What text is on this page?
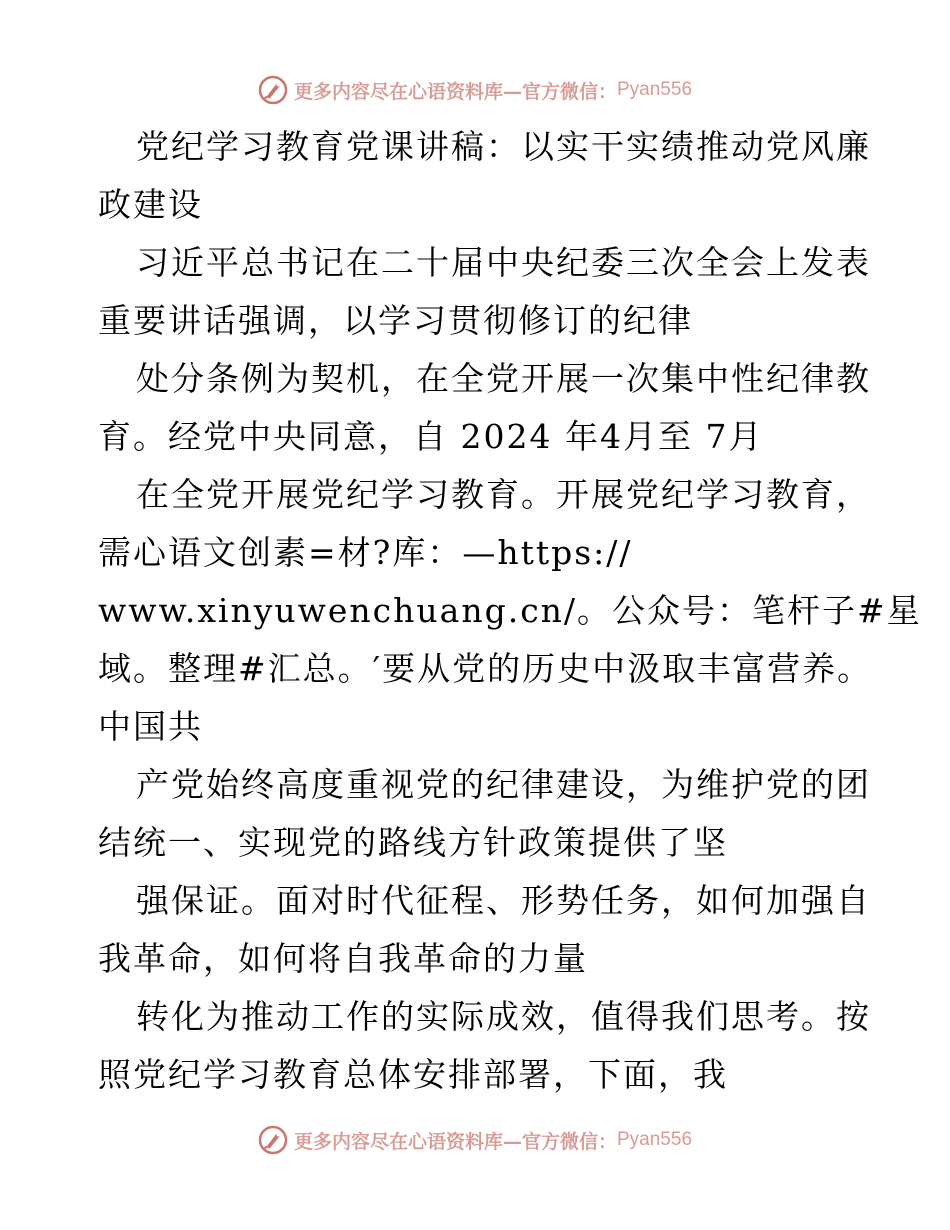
更多内容尽在心语资料库—官方微信： Pyan556
党纪学习教育党课讲稿：以实干实绩推动党风廉
政建设
习近平总书记在二十届中央纪委三次全会上发表
重要讲话强调，以学习贯彻修订的纪律
处分条例为契机，在全党开展一次集中性纪律教
育。经党中央同意，自 2024 年4月至 7月
在全党开展党纪学习教育。开展党纪学习教育，
需心语文创素=材?库：—https://
www.xinyuwenchuang.cn/。公众号：笔杆子#星
域。整理#汇总。′要从党的历史中汲取丰富营养。
中国共
产党始终高度重视党的纪律建设，为维护党的团
结统一、实现党的路线方针政策提供了坚
强保证。面对时代征程、形势任务，如何加强自
我革命，如何将自我革命的力量
转化为推动工作的实际成效，值得我们思考。按
照党纪学习教育总体安排部署，下面，我
更多内容尽在心语资料库—官方微信： Pyan556
